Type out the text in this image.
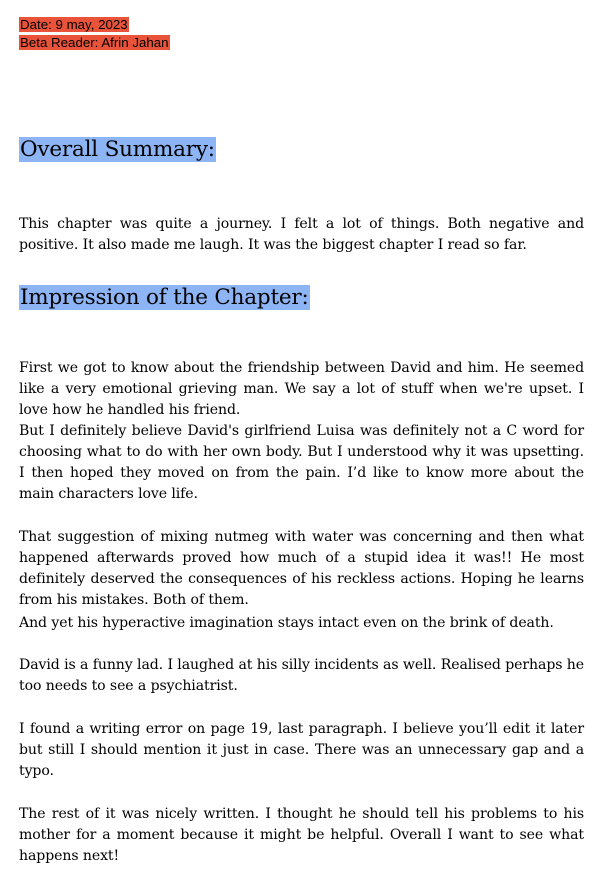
Date: 9 may, 2023
Beta Reader: Afrin Jahan
Overall Summary:

This chapter was quite a journey. I felt a lot of things. Both negative and positive. It also made me laugh. It was the biggest chapter I read so far.

Impression of the Chapter:

First we got to know about the friendship between David and him. He seemed like a very emotional grieving man. We say a lot of stuff when we're upset. I love how he handled his friend.

But I definitely believe David's girlfriend Luisa was definitely not a C word for choosing what to do with her own body. But I understood why it was upsetting. I then hoped they moved on from the pain. I’d like to know more about the main characters love life.

That suggestion of mixing nutmeg with water was concerning and then what happened afterwards proved how much of a stupid idea it was!! He most definitely deserved the consequences of his reckless actions. Hoping he learns from his mistakes. Both of them.

And yet his hyperactive imagination stays intact even on the brink of death.

David is a funny lad. I laughed at his silly incidents as well. Realised perhaps he too needs to see a psychiatrist.

I found a writing error on page 19, last paragraph. I believe you’ll edit it later but still I should mention it just in case. There was an unnecessary gap and a typo.

The rest of it was nicely written. I thought he should tell his problems to his mother for a moment because it might be helpful. Overall I want to see what happens next!
